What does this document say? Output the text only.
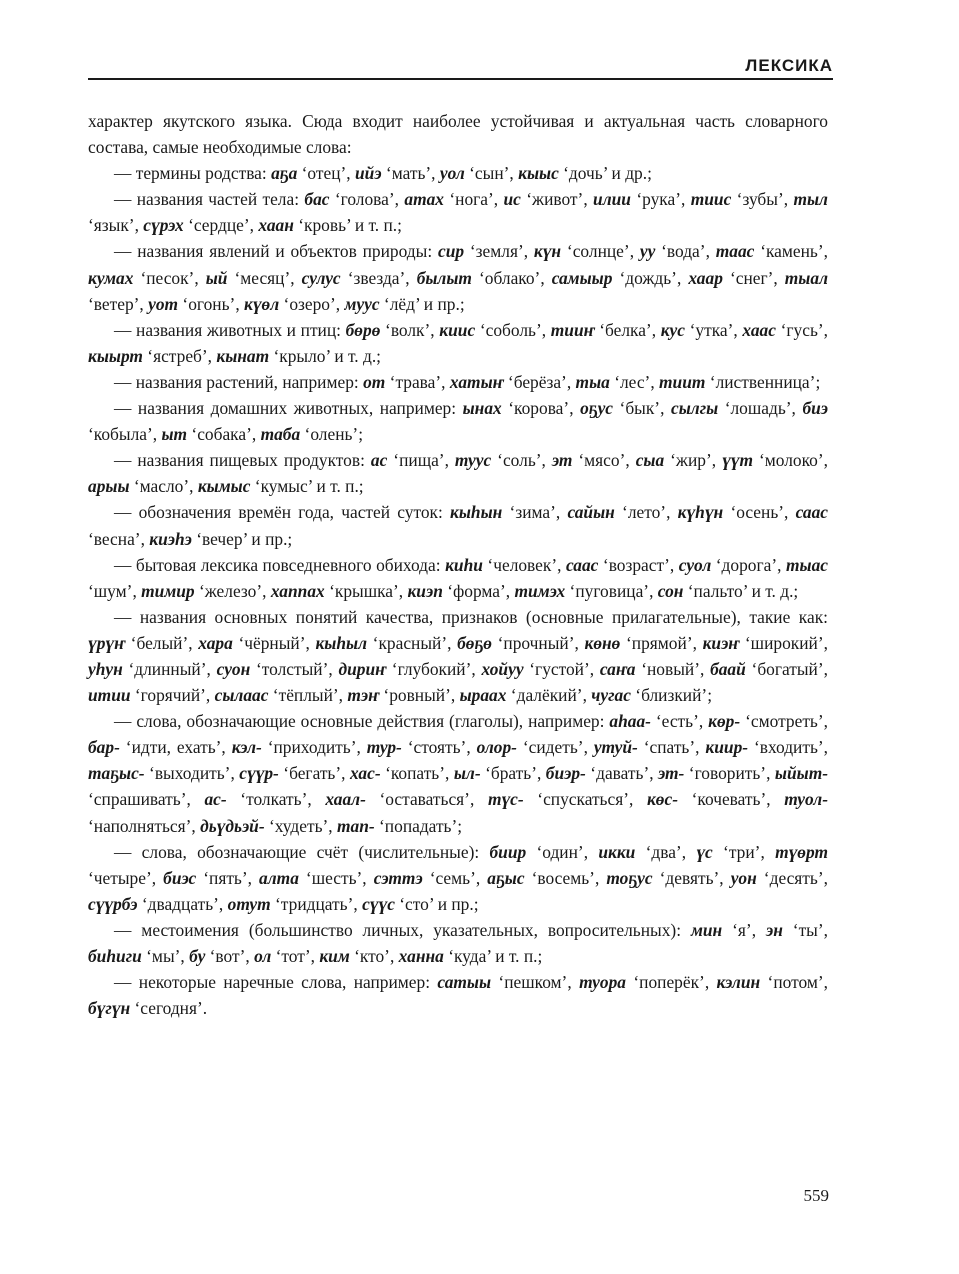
ЛЕКСИКА

характер якутского языка. Сюда входит наиболее устойчивая и актуальная часть словарного состава, самые необходимые слова:

— термины родства: аҕа ‘отец’, ийэ ‘мать’, уол ‘сын’, кыыс ‘дочь’ и др.;

— названия частей тела: бас ‘голова’, атах ‘нога’, ис ‘живот’, илии ‘рука’, тиис ‘зубы’, тыл ‘язык’, сүрэх ‘сердце’, хаан ‘кровь’ и т. п.;

— названия явлений и объектов природы: сир ‘земля’, күн ‘солнце’, уу ‘вода’, таас ‘камень’, кумах ‘песок’, ый ‘месяц’, сулус ‘звезда’, былыт ‘облако’, самыыр ‘дождь’, хаар ‘снег’, тыал ‘ветер’, уот ‘огонь’, күөл ‘озеро’, муус ‘лёд’ и пр.;

— названия животных и птиц: бөрө ‘волк’, киис ‘соболь’, тииҥ ‘белка’, кус ‘утка’, хаас ‘гусь’, кыырт ‘ястреб’, кынат ‘крыло’ и т. д.;

— названия растений, например: от ‘трава’, хатыҥ ‘берёза’, тыа ‘лес’, тиит ‘лиственница’;

— названия домашних животных, например: ынах ‘корова’, оҕус ‘бык’, сылгы ‘лошадь’, биэ ‘кобыла’, ыт ‘собака’, таба ‘олень’;

— названия пищевых продуктов: ас ‘пища’, туус ‘соль’, эт ‘мясо’, сыа ‘жир’, үүт ‘молоко’, арыы ‘масло’, кымыс ‘кумыс’ и т. п.;

— обозначения времён года, частей суток: кыһын ‘зима’, сайын ‘лето’, күһүн ‘осень’, саас ‘весна’, киэһэ ‘вечер’ и пр.;

— бытовая лексика повседневного обихода: киһи ‘человек’, саас ‘возраст’, суол ‘дорога’, тыас ‘шум’, тимир ‘железо’, хаппах ‘крышка’, киэп ‘форма’, тимэх ‘пуговица’, сон ‘пальто’ и т. д.;

— названия основных понятий качества, признаков (основные прилагательные), такие как: үрүҥ ‘белый’, хара ‘чёрный’, кыһыл ‘красный’, бөҕө ‘прочный’, көнө ‘прямой’, киэҥ ‘широкий’, уһун ‘длинный’, суон ‘толстый’, дириҥ ‘глубокий’, хойуу ‘густой’, саҥа ‘новый’, баай ‘богатый’, итии ‘горячий’, сылаас ‘тёплый’, тэҥ ‘ровный’, ыраах ‘далёкий’, чугас ‘близкий’;

— слова, обозначающие основные действия (глаголы), например: аһаа- ‘есть’, көр- ‘смотреть’, бар- ‘идти, ехать’, кэл- ‘приходить’, тур- ‘стоять’, олор- ‘сидеть’, утуй- ‘спать’, киир- ‘входить’, таҕыс- ‘выходить’, сүүр- ‘бегать’, хас- ‘копать’, ыл- ‘брать’, биэр- ‘давать’, эт- ‘говорить’, ыйыт- ‘спрашивать’, ас- ‘толкать’, хаал- ‘оставаться’, түс- ‘спускаться’, көс- ‘кочевать’, туол- ‘наполняться’, дьүдьэй- ‘худеть’, тап- ‘попадать’;

— слова, обозначающие счёт (числительные): биир ‘один’, икки ‘два’, үс ‘три’, түөрт ‘четыре’, биэс ‘пять’, алта ‘шесть’, сэттэ ‘семь’, аҕыс ‘восемь’, тоҕус ‘девять’, уон ‘десять’, сүүрбэ ‘двадцать’, отут ‘тридцать’, сүүс ‘сто’ и пр.;

— местоимения (большинство личных, указательных, вопросительных): мин ‘я’, эн ‘ты’, биһиги ‘мы’, бу ‘вот’, ол ‘тот’, ким ‘кто’, ханна ‘куда’ и т. п.;

— некоторые наречные слова, например: сатыы ‘пешком’, туора ‘поперёк’, кэлин ‘потом’, бүгүн ‘сегодня’.

559
